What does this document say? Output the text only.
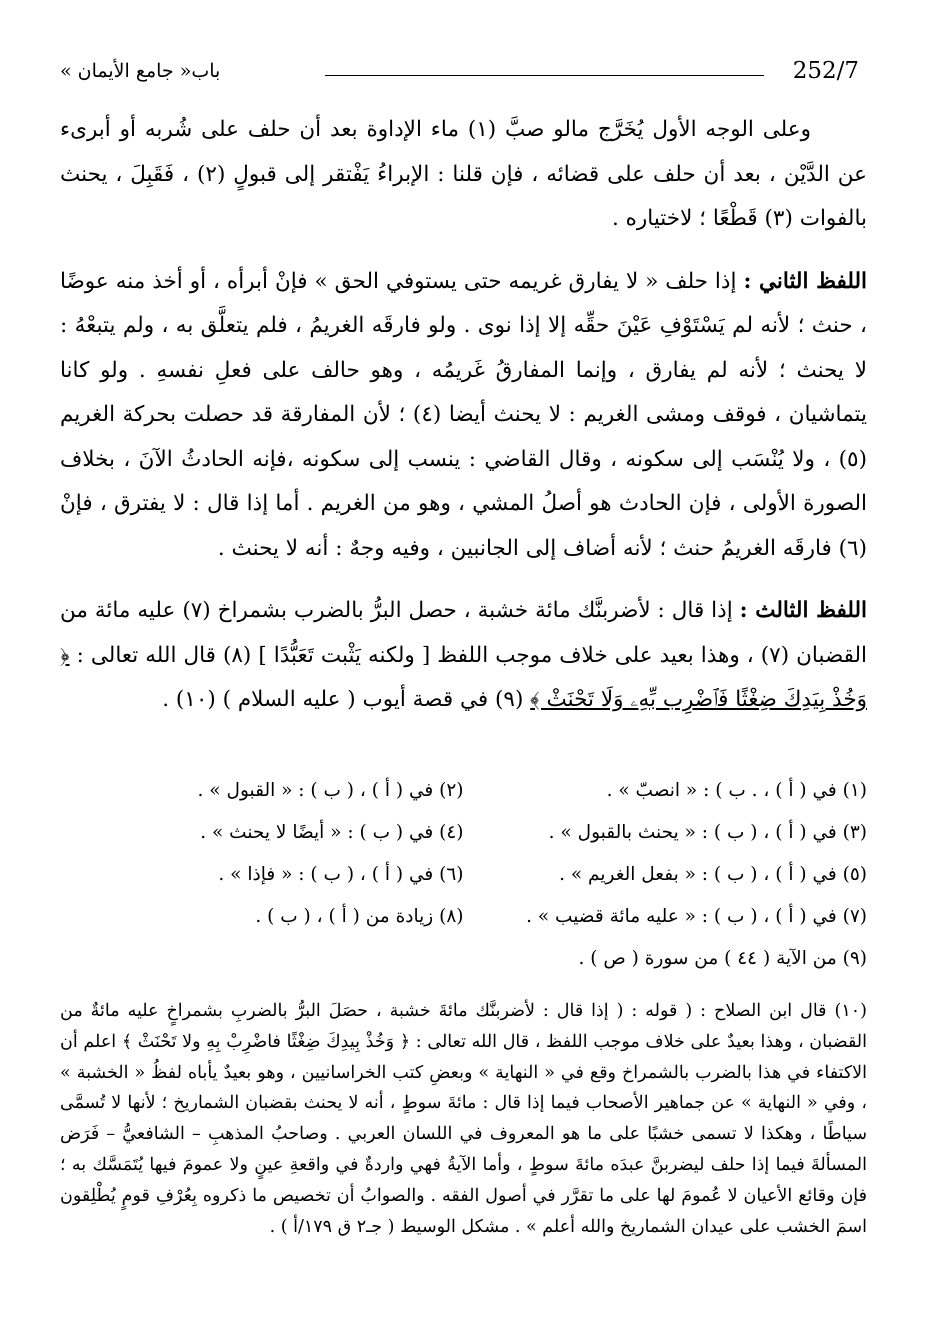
252/7
باب« جامع الأيمان »

وعلى الوجه الأول يُخَرَّج مالو صبَّ (١) ماء الإداوة بعد أن حلف على شُربه أو أبرىء عن الدَّيْن ، بعد أن حلف على قضائه ، فإن قلنا : الإبراءُ يَفْتقر إلى قبولٍ (٢) ، فَقَبِلَ ، يحنث بالفوات (٣) قَطْعًا ؛ لاختياره .

اللفظ الثاني : إذا حلف « لا يفارق غريمه حتى يستوفي الحق » فإنْ أبرأه ، أو أخذ منه عوضًا ، حنث ؛ لأنه لم يَسْتَوْفِ عَيْنَ حقِّه إلا إذا نوى . ولو فارقَه الغريمُ ، فلم يتعلَّق به ، ولم يتبعْهُ : لا يحنث ؛ لأنه لم يفارق ، وإنما المفارقُ غَريمُه ، وهو حالف على فعلِ نفسهِ . ولو كانا يتماشيان ، فوقف ومشى الغريم : لا يحنث أيضا (٤) ؛ لأن المفارقة قد حصلت بحركة الغريم (٥) ، ولا يُنْسَب إلى سكونه ، وقال القاضي : ينسب إلى سكونه ،فإنه الحادثُ الآنَ ، بخلاف الصورة الأولى ، فإن الحادث هو أصلُ المشي ، وهو من الغريم . أما إذا قال : لا يفترق ، فإنْ (٦) فارقَه الغريمُ حنث ؛ لأنه أضاف إلى الجانبين ، وفيه وجهٌ : أنه لا يحنث .

اللفظ الثالث : إذا قال : لأضربنَّك مائة خشبة ، حصل البرُّ بالضرب بشمراخ (٧) عليه مائة من القضبان (٧) ، وهذا بعيد على خلاف موجب اللفظ [ ولكنه يَثْبت تَعَبُّدًا ] (٨) قال الله تعالى : ﴿ وَخُذْ بِيَدِكَ ضِغْثًا فَٱضْرِب بِّهِۦ وَلَا تَحْنَثْ ﴾ (٩) في قصة أيوب ( عليه السلام ) (١٠) .

(١) في ( أ ) ، . ب ) : « انصبّ » .
(٢) في ( أ ) ، ( ب ) : « القبول » .
(٣) في ( أ ) ، ( ب ) : « يحنث بالقبول » .
(٤) في ( ب ) : « أيضًا لا يحنث » .
(٥) في ( أ ) ، ( ب ) : « بفعل الغريم » .
(٦) في ( أ ) ، ( ب ) : « فإذا » .
(٧) في ( أ ) ، ( ب ) : « عليه مائة قضيب » .
(٨) زيادة من ( أ ) ، ( ب ) .
(٩) من الآية ( ٤٤ ) من سورة ( ص ) .

(١٠) قال ابن الصلاح : ( قوله : ( إذا قال : لأضربنَّك مائةَ خشبة ، حصَلَ البرُّ بالضربِ بشمراخٍ عليه مائةٌ من القضبان ، وهذا بعيدٌ على خلاف موجب اللفظ ، قال الله تعالى : ﴿ وَخُذْ بِيدِكَ ضِغْثًا فاضْرِبْ بِهِ ولا تَحْنَثْ ﴾ اعلم أن الاكتفاء في هذا بالضرب بالشمراخ وقع في « النهاية » وبعضِ كتب الخراسانيين ، وهو بعيدٌ يأباه لفظُ « الخشبة » ، وفي « النهاية » عن جماهير الأصحاب فيما إذا قال : مائةَ سوطٍ ، أنه لا يحنث بقضبان الشماريخ ؛ لأنها لا تُسمَّى سياطًا ، وهكذا لا تسمى خشبًا على ما هو المعروف في اللسان العربي . وصاحبُ المذهبِ – الشافعيُّ – فَرَض المسألةَ فيما إذا حلف ليضربنَّ عبدَه مائةَ سوطٍ ، وأما الآيةُ فهي واردةٌ في واقعةِ عينٍ ولا عمومَ فيها يُتَمَسَّك به ؛ فإن وقائع الأعيان لا عُمومَ لها على ما تقرَّر في أصول الفقه . والصوابُ أن تخصيص ما ذكروه بِعُرْفِ قومٍ يُطْلِقون اسمَ الخشب على عيدان الشماريخ والله أعلم » . مشكل الوسيط ( جـ٢ ق ١٧٩/أ ) .
